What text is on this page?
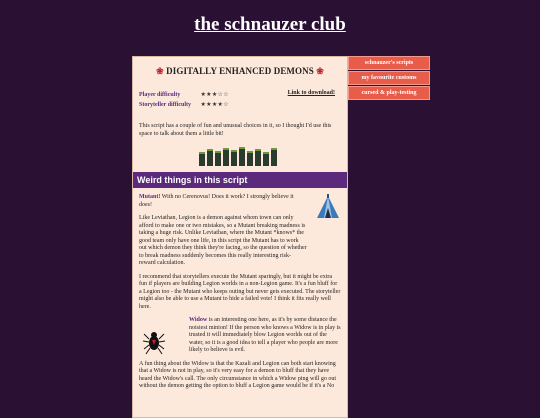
the schnauzer club
❀ DIGITALLY ENHANCED DEMONS ❀
Player difficulty	★★★☆☆
Storyteller difficulty ★★★★☆
Link to download!
This script has a couple of fun and unusual choices in it, so I thought I'd use this space to talk about them a little bit!
Weird things in this script
Mutant! With no Cerenovus! Does it work? I strongly believe it does!
Like Leviathan, Legion is a demon against whom town can only afford to make one or two mistakes, so a Mutant breaking madness is taking a huge risk. Unlike Leviathan, where the Mutant *knows* the good team only have one life, in this script the Mutant has to work out which demon they think they're facing, so the question of whether to break madness suddenly becomes this really interesting risk-reward calculation.
I recommend that storytellers execute the Mutant sparingly, but it might be extra fun if players are building Legion worlds in a non-Legion game. It's a fun bluff for a Legion too - the Mutant who keeps outing but never gets executed. The storyteller might also be able to use a Mutant to hide a failed vote! I think it fits really well here.
Widow is an interesting one here, as it's by some distance the noisiest minion! If the person who knows a Widow is in play is trusted it will immediately blow Legion worlds out of the water, so it is a good idea to tell a player who people are more likely to believe is evil.
A fun thing about the Widow is that the Kazali and Legion can both start knowing that a Widow is not in play, so it's very easy for a demon to bluff that they have heard the Widow's call. The only circumstance in which a Widow ping will go out without the demon getting the option to bluff a Legion game would be if it's a No
schnauzer's scripts
my favourite customs
cursed & play-testing
